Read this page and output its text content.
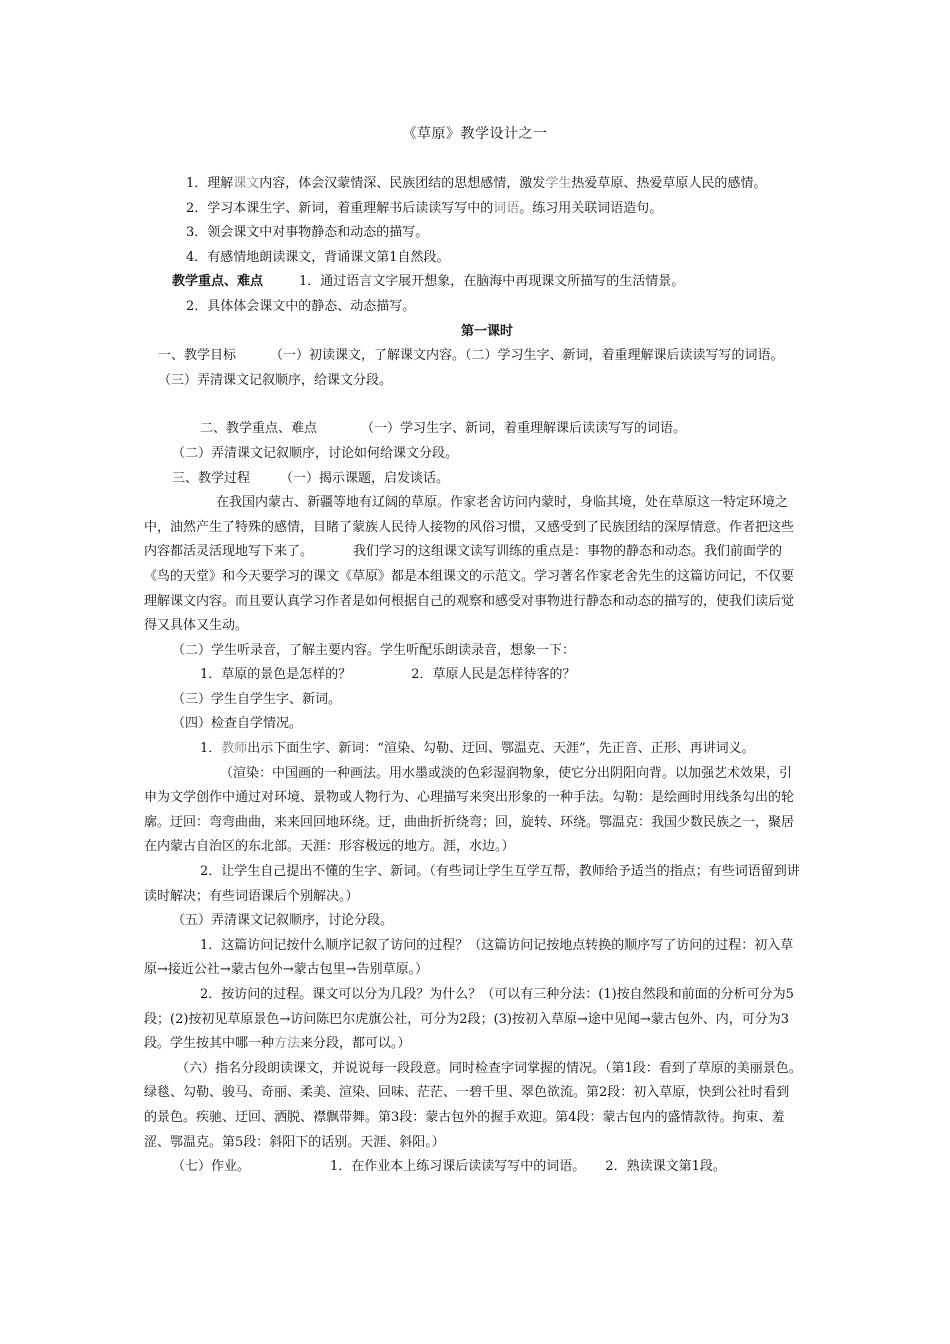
《草原》教学设计之一

1．理解课文内容，体会汉蒙情深、民族团结的思想感情，激发学生热爱草原、热爱草原人民的感情。

2．学习本课生字、新词，着重理解书后读读写写中的词语。练习用关联词语造句。

3．领会课文中对事物静态和动态的描写。

4．有感情地朗读课文，背诵课文第1自然段。

教学重点、难点	1．通过语言文字展开想象，在脑海中再现课文所描写的生活情景。

2．具体体会课文中的静态、动态描写。

第一课时

一、教学目标	（一）初读课文，了解课文内容。（二）学习生字、新词，着重理解课后读读写写的词语。
（三）弄清课文记叙顺序，给课文分段。

二、教学重点、难点	（一）学习生字、新词，着重理解课后读读写写的词语。

（二）弄清课文记叙顺序，讨论如何给课文分段。

三、教学过程 （一）揭示课题，启发谈话。

在我国内蒙古、新疆等地有辽阔的草原。作家老舍访问内蒙时，身临其境，处在草原这一特定环境之中，油然产生了特殊的感情，目睹了蒙族人民待人接物的风俗习惯，又感受到了民族团结的深厚情意。作者把这些内容都活灵活现地写下来了。	我们学习的这组课文读写训练的重点是：事物的静态和动态。我们前面学的《鸟的天堂》和今天要学习的课文《草原》都是本组课文的示范文。学习著名作家老舍先生的这篇访问记，不仅要理解课文内容。而且要认真学习作者是如何根据自己的观察和感受对事物进行静态和动态的描写的，使我们读后觉得又具体又生动。

（二）学生听录音，了解主要内容。学生听配乐朗读录音，想象一下：

1．草原的景色是怎样的？	2．草原人民是怎样待客的？

（三）学生自学生字、新词。

（四）检查自学情况。

1．教师出示下面生字、新词：“渲染、勾勒、迂回、鄂温克、天涯”，先正音、正形、再讲词义。

（渲染：中国画的一种画法。用水墨或淡的色彩湿润物象，使它分出阴阳向背。以加强艺术效果，引申为文学创作中通过对环境、景物或人物行为、心理描写来突出形象的一种手法。勾勒：是绘画时用线条勾出的轮廓。迂回：弯弯曲曲，来来回回地环绕。迂，曲曲折折绕弯；回，旋转、环绕。鄂温克：我国少数民族之一，聚居在内蒙古自治区的东北部。天涯：形容极远的地方。涯，水边。）

2．让学生自己提出不懂的生字、新词。（有些词让学生互学互帮，教师给予适当的指点；有些词语留到讲读时解决；有些词语课后个别解决。）

（五）弄清课文记叙顺序，讨论分段。

1．这篇访问记按什么顺序记叙了访问的过程？（这篇访问记按地点转换的顺序写了访问的过程：初入草原→接近公社→蒙古包外→蒙古包里→告别草原。）

2．按访问的过程。课文可以分为几段？为什么？（可以有三种分法：(1)按自然段和前面的分析可分为5段；(2)按初见草原景色→访问陈巴尔虎旗公社，可分为2段；(3)按初入草原→途中见闻→蒙古包外、内，可分为3段。学生按其中哪一种方法来分段，都可以。）

（六）指名分段朗读课文，并说说每一段段意。同时检查字词掌握的情况。（第1段：看到了草原的美丽景色。绿毯、勾勒、骏马、奇丽、柔美、渲染、回味、茫茫、一碧千里、翠色欲流。第2段：初入草原，快到公社时看到的景色。疾驰、迂回、洒脱、襟飘带舞。第3段：蒙古包外的握手欢迎。第4段：蒙古包内的盛情款待。拘束、羞涩、鄂温克。第5段：斜阳下的话别。天涯、斜阳。）

（七）作业。	1．在作业本上练习课后读读写写中的词语。 2．熟读课文第1段。
